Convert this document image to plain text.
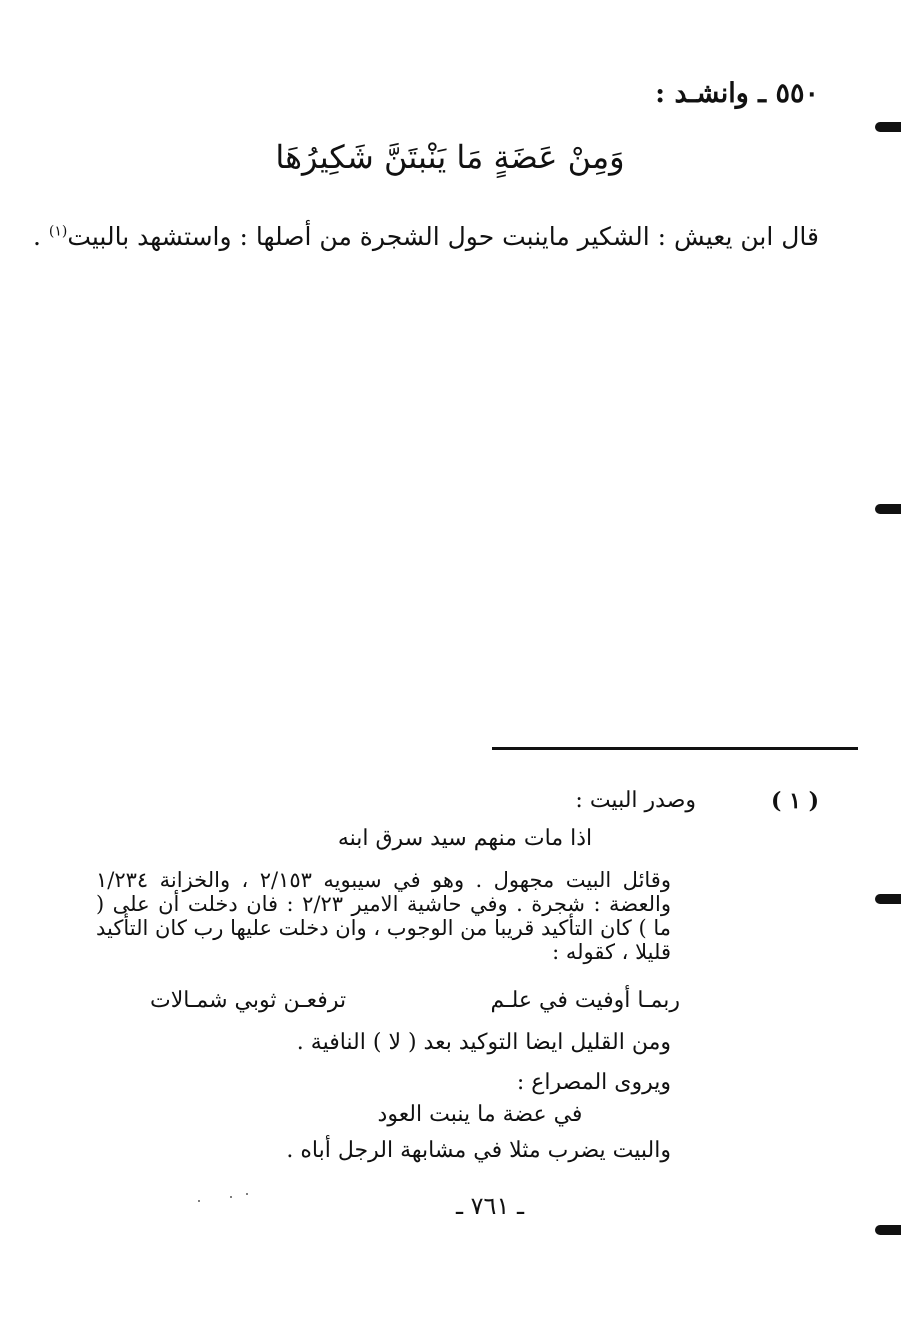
٥٥٠ ـ وانشـد :
وَمِنْ عَضَةٍ مَا يَنْبتَنَّ شَكِيرُهَا
قال ابن يعيش : الشكير ماينبت حول الشجرة من أصلها : واستشهد بالبيت$^{(١)}$ .
( ١ )
وصدر البيت :
اذا مات منهم سيد سرق ابنه
وقائل البيت مجهول . وهو في سيبويه ٢/١٥٣ ، والخزانة ١/٢٣٤ والعضة : شجرة . وفي حاشية الامير ٢/٢٣ : فان دخلت أن على ( ما ) كان التأكيد قريبا من الوجوب ، وان دخلت عليها رب كان التأكيد قليلا ، كقوله :
ربمـا أوفيت في علـم
ترفعـن ثوبي شمـالات
ومن القليل ايضا التوكيد بعد ( لا ) النافية .
ويروى المصراع :
في عضة ما ينبت العود
والبيت يضرب مثلا في مشابهة الرجل أباه .
ـ ٧٦١ ـ
